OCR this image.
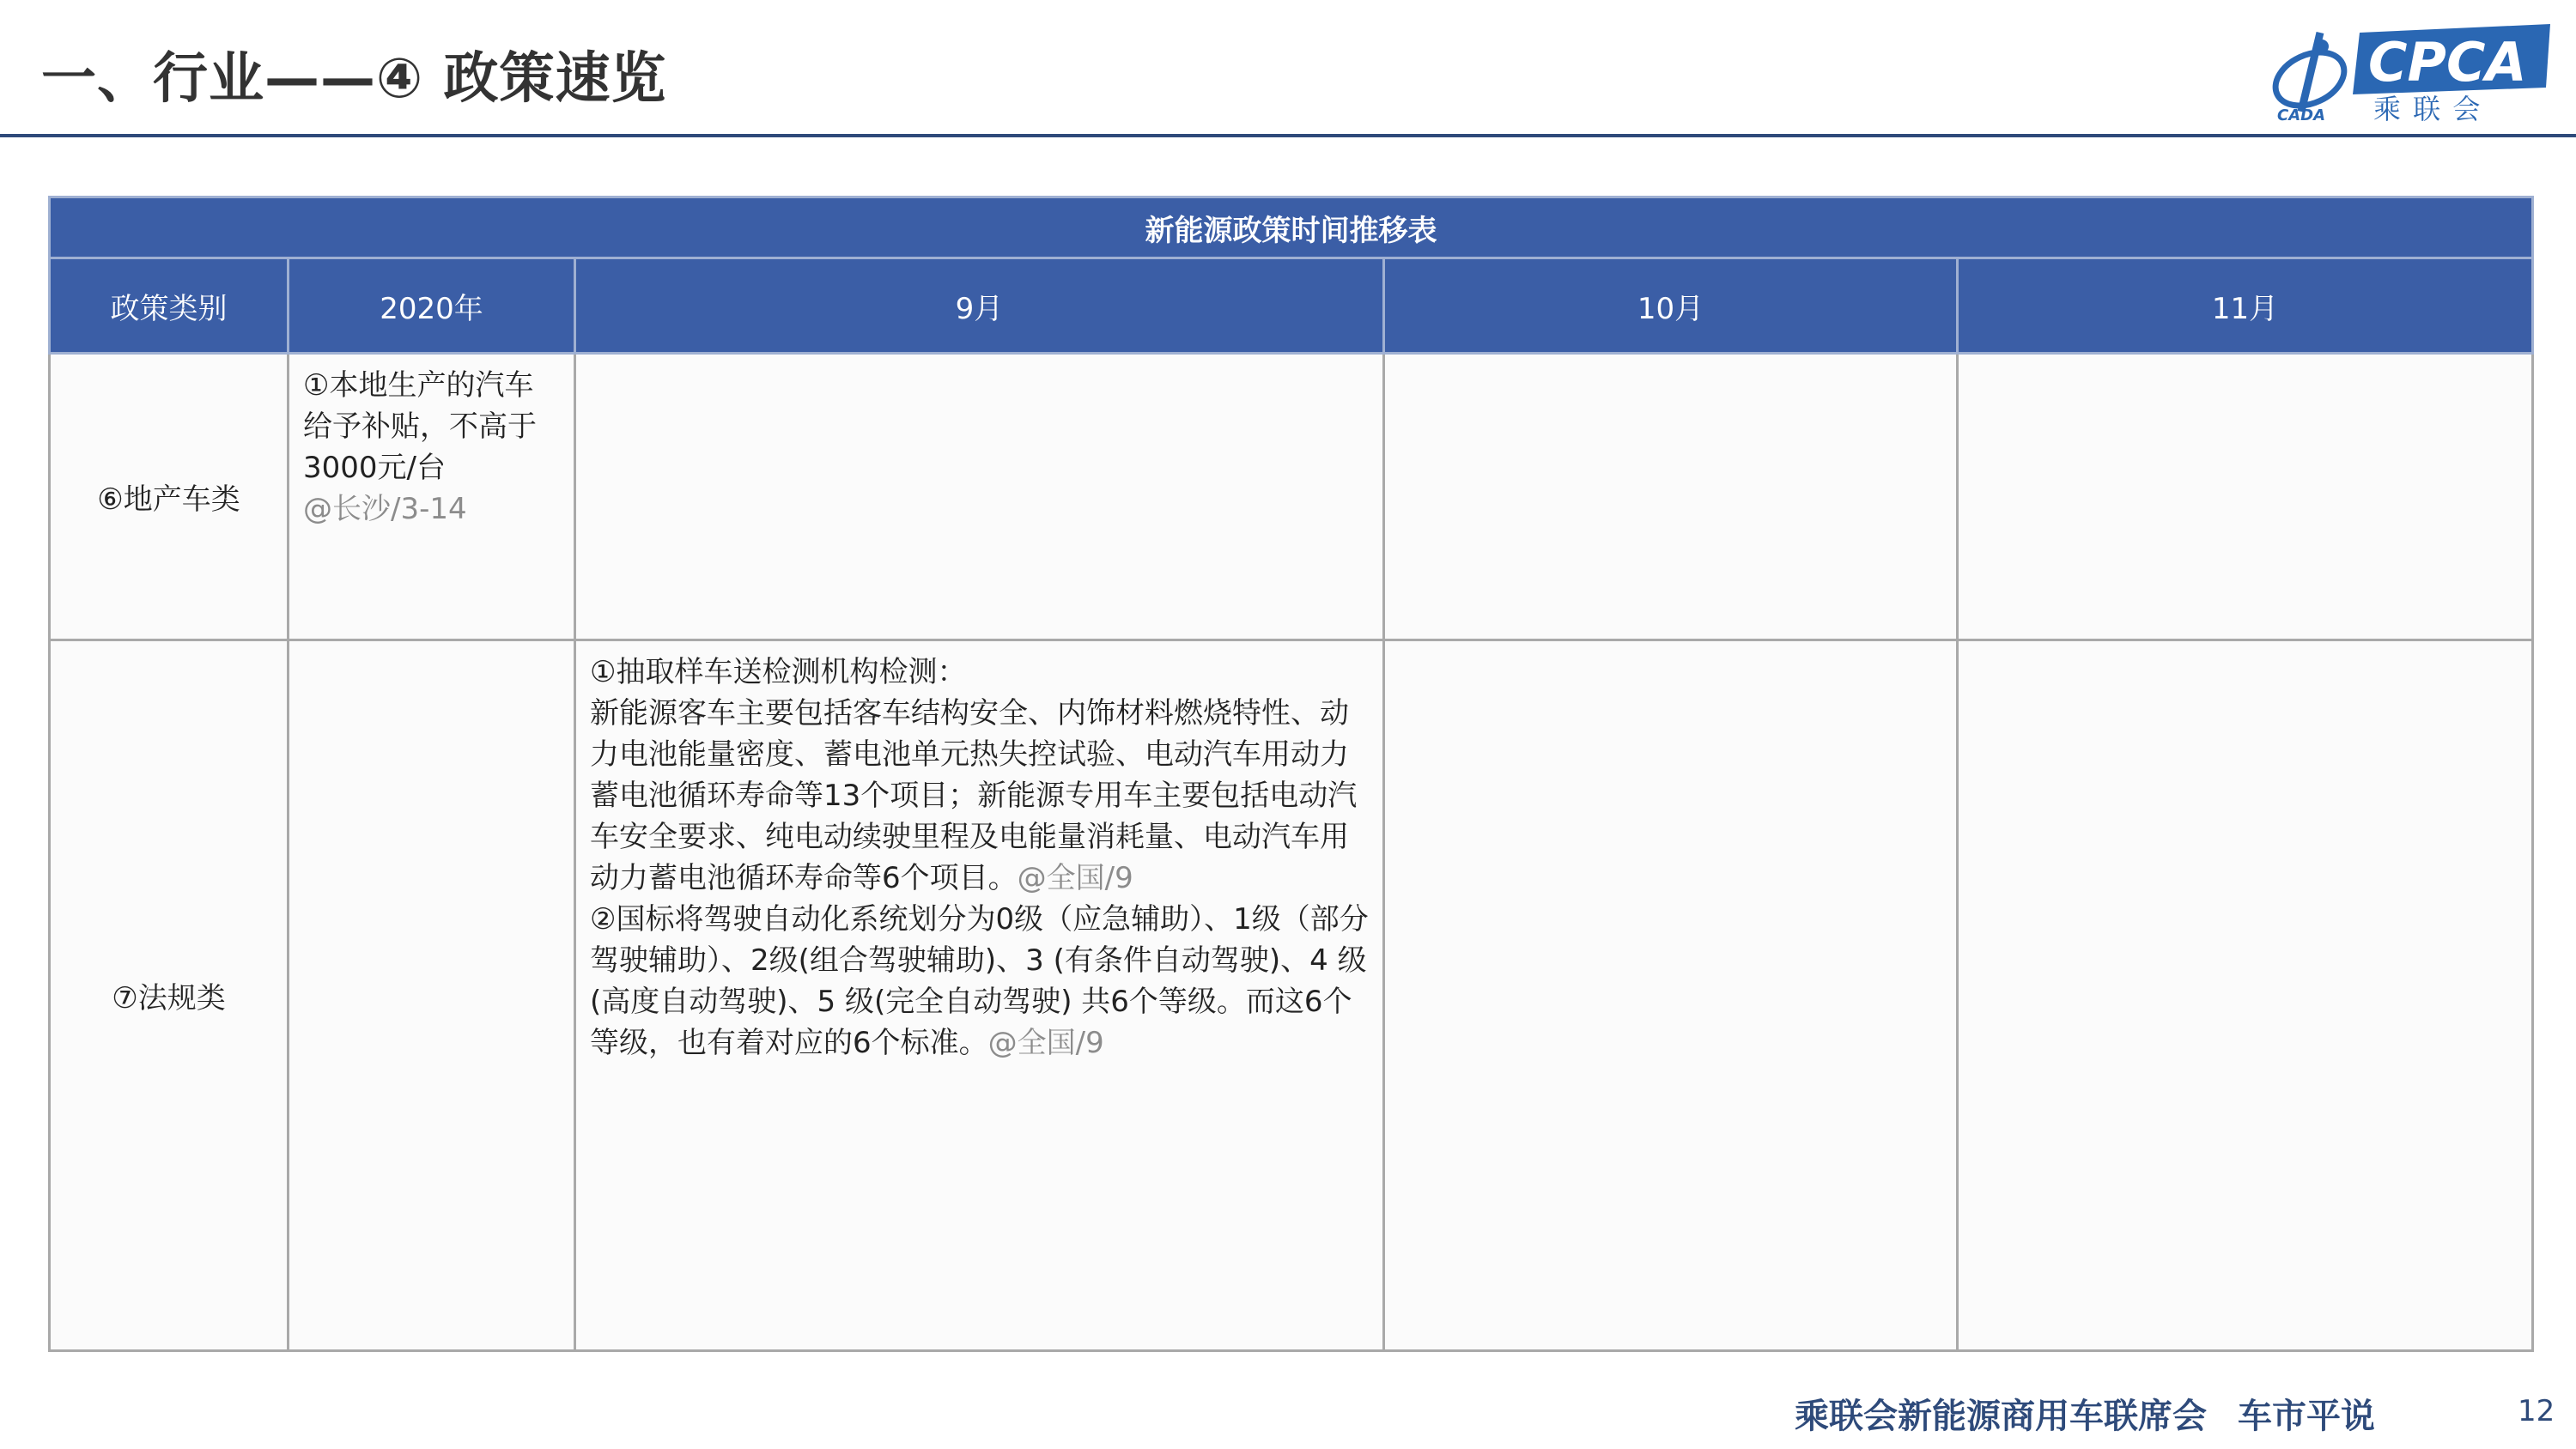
一、行业——④ 政策速览
CADA
CPCA
乘 联 会
新能源政策时间推移表				
政策类别	2020年	9月	10月	11月
⑥地产车类	①本地生产的汽车给予补贴，不高于3000元/台
@长沙/3-14			

⑦法规类		①抽取样车送检测机构检测：

新能源客车主要包括客车结构安全、内饰材料燃烧特性、动力电池能量密度、蓄电池单元热失控试验、电动汽车用动力蓄电池循环寿命等13个项目；新能源专用车主要包括电动汽车安全要求、纯电动续驶里程及电能量消耗量、电动汽车用动力蓄电池循环寿命等6个项目。@全国/9

②国标将驾驶自动化系统划分为0级（应急辅助）、1级（部分驾驶辅助）、2级(组合驾驶辅助)、3 (有条件自动驾驶)、4 级(高度自动驾驶)、5 级(完全自动驾驶) 共6个等级。而这6个等级，也有着对应的6个标准。@全国/9		

乘联会新能源商用车联席会 车市平说	12
